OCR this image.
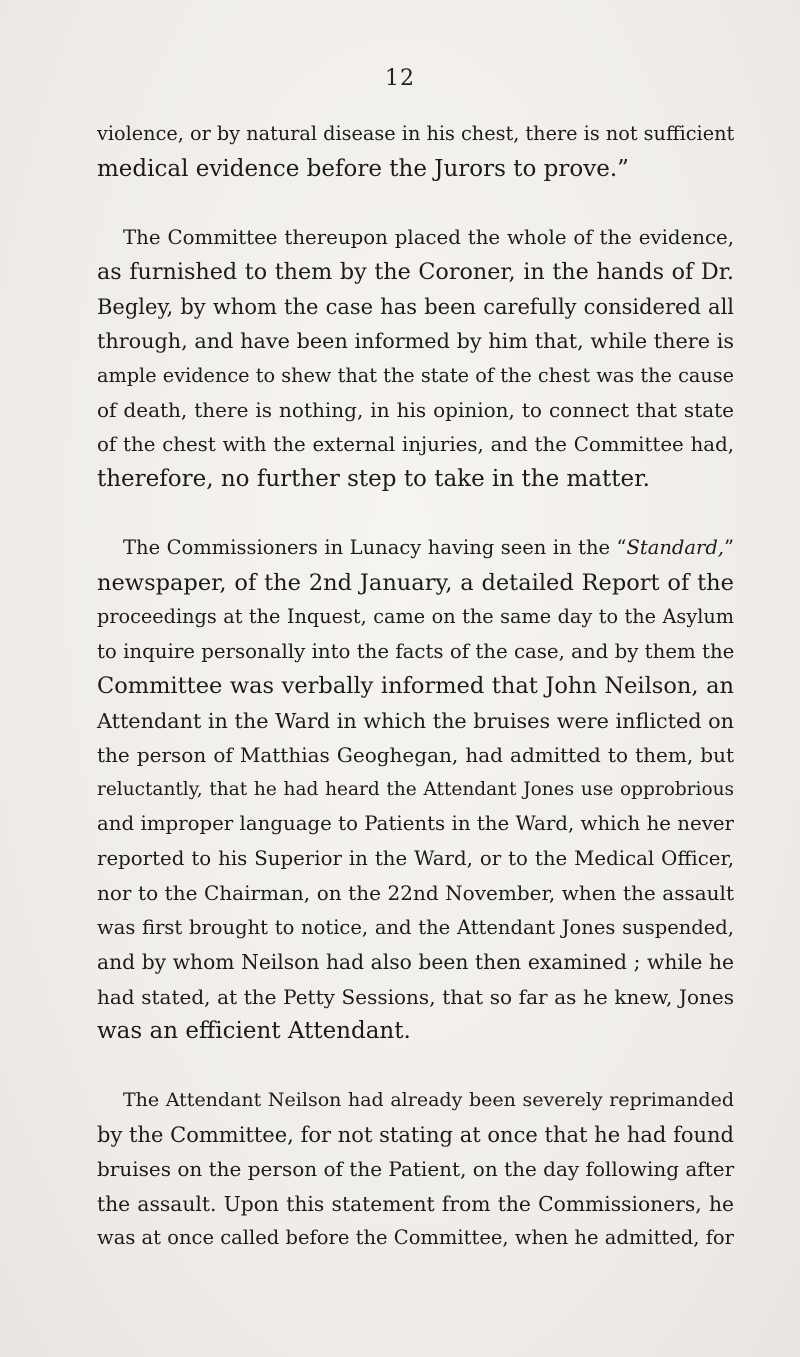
12
violence, or by natural disease in his chest, there is not sufficient
medical evidence before the Jurors to prove.”
The Committee thereupon placed the whole of the evidence,
as furnished to them by the Coroner, in the hands of Dr.
Begley, by whom the case has been carefully considered all
through, and have been informed by him that, while there is
ample evidence to shew that the state of the chest was the cause
of death, there is nothing, in his opinion, to connect that state
of the chest with the external injuries, and the Committee had,
therefore, no further step to take in the matter.
The Commissioners in Lunacy having seen in the “Standard,”
newspaper, of the 2nd January, a detailed Report of the
proceedings at the Inquest, came on the same day to the Asylum
to inquire personally into the facts of the case, and by them the
Committee was verbally informed that John Neilson, an
Attendant in the Ward in which the bruises were inflicted on
the person of Matthias Geoghegan, had admitted to them, but
reluctantly, that he had heard the Attendant Jones use opprobrious
and improper language to Patients in the Ward, which he never
reported to his Superior in the Ward, or to the Medical Officer,
nor to the Chairman, on the 22nd November, when the assault
was first brought to notice, and the Attendant Jones suspended,
and by whom Neilson had also been then examined ; while he
had stated, at the Petty Sessions, that so far as he knew, Jones
was an efficient Attendant.
The Attendant Neilson had already been severely reprimanded
by the Committee, for not stating at once that he had found
bruises on the person of the Patient, on the day following after
the assault. Upon this statement from the Commissioners, he
was at once called before the Committee, when he admitted, for
